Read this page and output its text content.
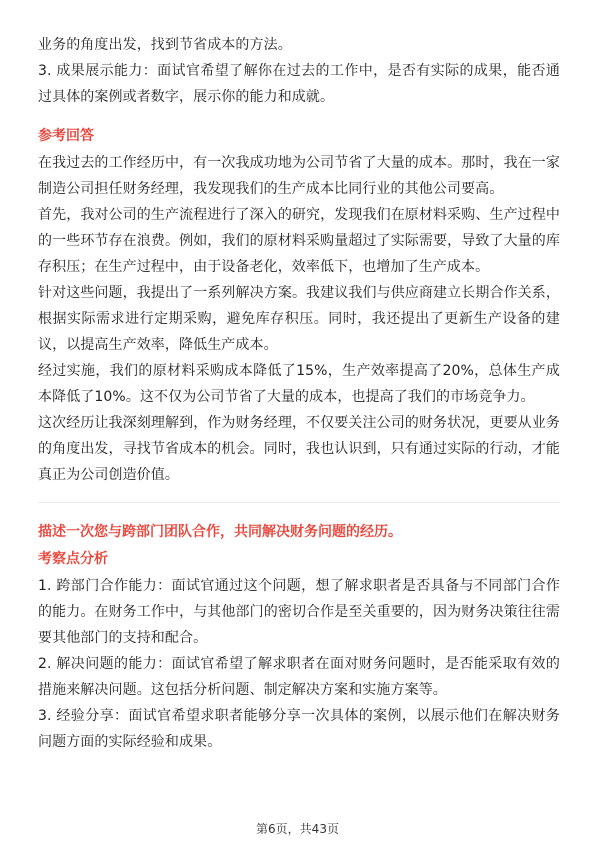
业务的角度出发，找到节省成本的方法。

3. 成果展示能力：面试官希望了解你在过去的工作中，是否有实际的成果，能否通过具体的案例或者数字，展示你的能力和成就。

参考回答

在我过去的工作经历中，有一次我成功地为公司节省了大量的成本。那时，我在一家制造公司担任财务经理，我发现我们的生产成本比同行业的其他公司要高。

首先，我对公司的生产流程进行了深入的研究，发现我们在原材料采购、生产过程中的一些环节存在浪费。例如，我们的原材料采购量超过了实际需要，导致了大量的库存积压；在生产过程中，由于设备老化，效率低下，也增加了生产成本。

针对这些问题，我提出了一系列解决方案。我建议我们与供应商建立长期合作关系，根据实际需求进行定期采购，避免库存积压。同时，我还提出了更新生产设备的建议，以提高生产效率，降低生产成本。

经过实施，我们的原材料采购成本降低了15%，生产效率提高了20%，总体生产成本降低了10%。这不仅为公司节省了大量的成本，也提高了我们的市场竞争力。

这次经历让我深刻理解到，作为财务经理，不仅要关注公司的财务状况，更要从业务的角度出发，寻找节省成本的机会。同时，我也认识到，只有通过实际的行动，才能真正为公司创造价值。

描述一次您与跨部门团队合作，共同解决财务问题的经历。
考察点分析

1. 跨部门合作能力：面试官通过这个问题，想了解求职者是否具备与不同部门合作的能力。在财务工作中，与其他部门的密切合作是至关重要的，因为财务决策往往需要其他部门的支持和配合。

2. 解决问题的能力：面试官希望了解求职者在面对财务问题时，是否能采取有效的措施来解决问题。这包括分析问题、制定解决方案和实施方案等。

3. 经验分享：面试官希望求职者能够分享一次具体的案例，以展示他们在解决财务问题方面的实际经验和成果。

第6页，共43页
